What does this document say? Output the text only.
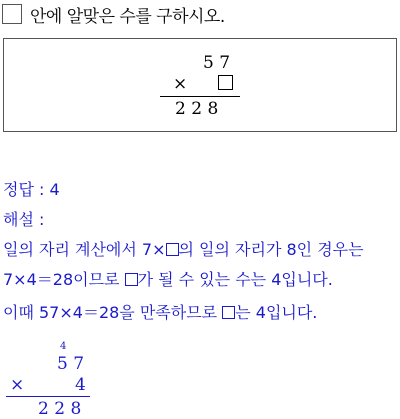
안에 알맞은 수를 구하시오.
5 7
×
2 2 8
정답 : 4
해설 :
일의 자리 계산에서 7× 의 일의 자리가 8인 경우는
7×4＝28이므로 가 될 수 있는 수는 4입니다.
이때 57×4＝28을 만족하므로 는 4입니다.
4
5 7
×	4
2 2 8
